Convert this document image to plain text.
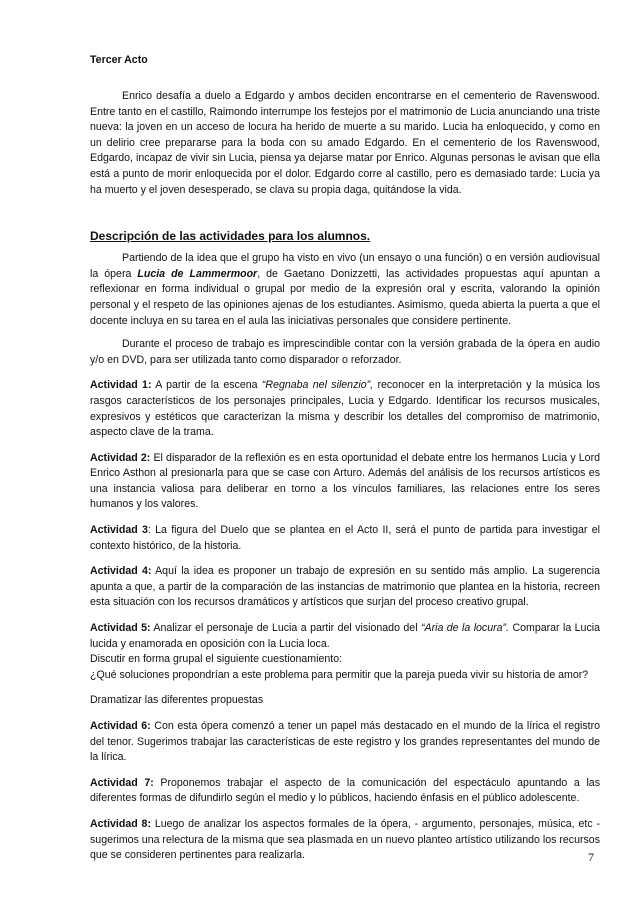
Tercer Acto

Enrico desafía a duelo a Edgardo y ambos deciden encontrarse en el cementerio de Ravenswood. Entre tanto en el castillo, Raimondo interrumpe los festejos por el matrimonio de Lucia anunciando una triste nueva: la joven en un acceso de locura ha herido de muerte a su marido. Lucia ha enloquecido, y como en un delirio cree prepararse para la boda con su amado Edgardo. En el cementerio de los Ravenswood, Edgardo, incapaz de vivir sin Lucia, piensa ya dejarse matar por Enrico. Algunas personas le avisan que ella está a punto de morir enloquecida por el dolor. Edgardo corre al castillo, pero es demasiado tarde: Lucia ya ha muerto y el joven desesperado, se clava su propia daga, quitándose la vida.

Descripción de las actividades para los alumnos.

Partiendo de la idea que el grupo ha visto en vivo (un ensayo o una función) o en versión audiovisual la ópera Lucia de Lammermoor, de Gaetano Donizzetti, las actividades propuestas aquí apuntan a reflexionar en forma individual o grupal por medio de la expresión oral y escrita, valorando la opinión personal y el respeto de las opiniones ajenas de los estudiantes. Asimismo, queda abierta la puerta a que el docente incluya en su tarea en el aula las iniciativas personales que considere pertinente.

Durante el proceso de trabajo es imprescindible contar con la versión grabada de la ópera en audio y/o en DVD, para ser utilizada tanto como disparador o reforzador.

Actividad 1: A partir de la escena “Regnaba nel silenzio”, reconocer en la interpretación y la música los rasgos característicos de los personajes principales, Lucia y Edgardo. Identificar los recursos musicales, expresivos y estéticos que caracterizan la misma y describir los detalles del compromiso de matrimonio, aspecto clave de la trama.

Actividad 2: El disparador de la reflexión es en esta oportunidad el debate entre los hermanos Lucia y Lord Enrico Asthon al presionarla para que se case con Arturo. Además del análisis de los recursos artísticos es una instancia valiosa para deliberar en torno a los vínculos familiares, las relaciones entre los seres humanos y los valores.

Actividad 3: La figura del Duelo que se plantea en el Acto II, será el punto de partida para investigar el contexto histórico, de la historia.

Actividad 4: Aquí la idea es proponer un trabajo de expresión en su sentido más amplio. La sugerencia apunta a que, a partir de la comparación de las instancias de matrimonio que plantea en la historia, recreen esta situación con los recursos dramáticos y artísticos que surjan del proceso creativo grupal.

Actividad 5: Analizar el personaje de Lucia a partir del visionado del “Aria de la locura”. Comparar la Lucia lucida y enamorada en oposición con la Lucia loca.

Discutir en forma grupal el siguiente cuestionamiento:

¿Qué soluciones propondrían a este problema para permitir que la pareja pueda vivir su historia de amor?

Dramatizar las diferentes propuestas

Actividad 6: Con esta ópera comenzó a tener un papel más destacado en el mundo de la lírica el registro del tenor. Sugerimos trabajar las características de este registro y los grandes representantes del mundo de la lírica.

Actividad 7: Proponemos trabajar el aspecto de la comunicación del espectáculo apuntando a las diferentes formas de difundirlo según el medio y lo públicos, haciendo énfasis en el público adolescente.

Actividad 8: Luego de analizar los aspectos formales de la ópera, - argumento, personajes, música, etc - sugerimos una relectura de la misma que sea plasmada en un nuevo planteo artístico utilizando los recursos que se consideren pertinentes para realizarla.	7
